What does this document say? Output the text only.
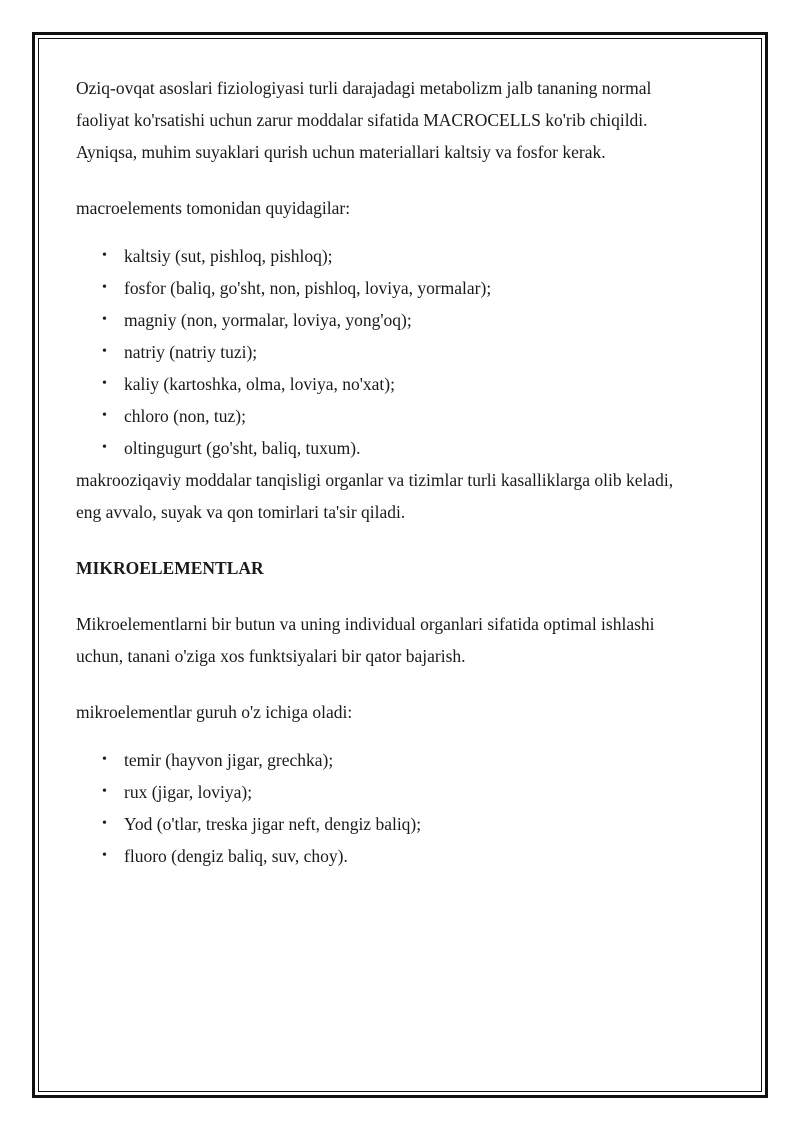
Oziq-ovqat asoslari fiziologiyasi turli darajadagi metabolizm jalb tananing normal

faoliyat ko'rsatishi uchun zarur moddalar sifatida MACROCELLS ko'rib chiqildi.

Ayniqsa, muhim suyaklari qurish uchun materiallari kaltsiy va fosfor kerak.

macroelements tomonidan quyidagilar:

• kaltsiy (sut, pishloq, pishloq);
• fosfor (baliq, go'sht, non, pishloq, loviya, yormalar);
• magniy (non, yormalar, loviya, yong'oq);
• natriy (natriy tuzi);
• kaliy (kartoshka, olma, loviya, no'xat);
• chloro (non, tuz);
• oltingugurt (go'sht, baliq, tuxum).

makrooziqaviy moddalar tanqisligi organlar va tizimlar turli kasalliklarga olib keladi,

eng avvalo, suyak va qon tomirlari ta'sir qiladi.

MIKROELEMENTLAR

Mikroelementlarni bir butun va uning individual organlari sifatida optimal ishlashi

uchun, tanani o'ziga xos funktsiyalari bir qator bajarish.

mikroelementlar guruh o'z ichiga oladi:

• temir (hayvon jigar, grechka);
• rux (jigar, loviya);
• Yod (o'tlar, treska jigar neft, dengiz baliq);
• fluoro (dengiz baliq, suv, choy).
